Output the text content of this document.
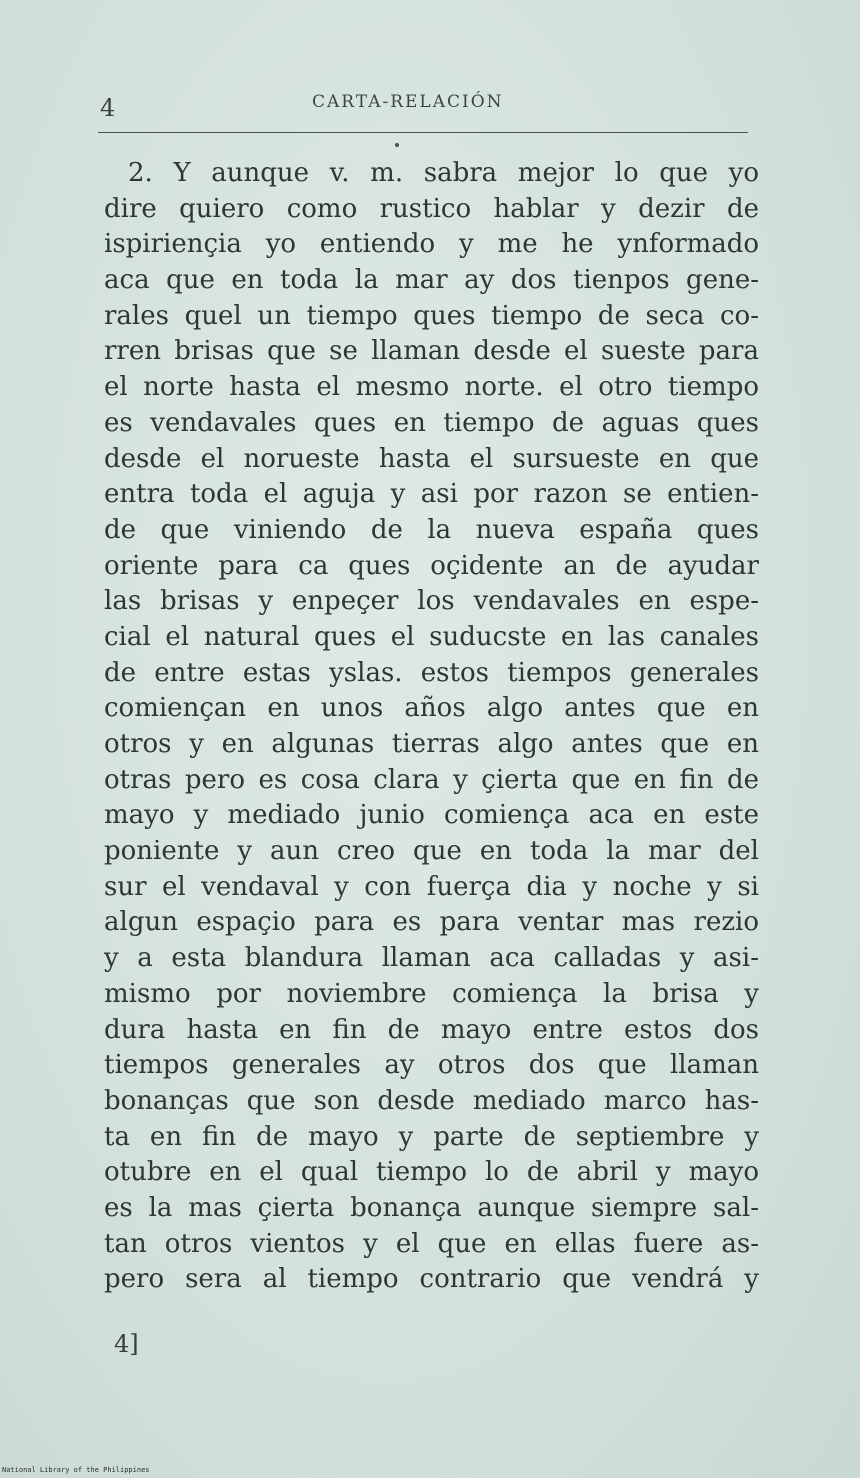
4	CARTA-RELACIÓN
2. Y aunque v. m. sabra mejor lo que yo
dire quiero como rustico hablar y dezir de
ispiriençia yo entiendo y me he ynformado
aca que en toda la mar ay dos tienpos gene-
rales quel un tiempo ques tiempo de seca co-
rren brisas que se llaman desde el sueste para
el norte hasta el mesmo norte. el otro tiempo
es vendavales ques en tiempo de aguas ques
desde el norueste hasta el sursueste en que
entra toda el aguja y asi por razon se entien-
de que viniendo de la nueva españa ques
oriente para ca ques oçidente an de ayudar
las brisas y enpeçer los vendavales en espe-
cial el natural ques el suducste en las canales
de entre estas yslas. estos tiempos generales
comiençan en unos años algo antes que en
otros y en algunas tierras algo antes que en
otras pero es cosa clara y çierta que en fin de
mayo y mediado junio comiença aca en este
poniente y aun creo que en toda la mar del
sur el vendaval y con fuerça dia y noche y si
algun espaçio para es para ventar mas rezio
y a esta blandura llaman aca calladas y asi-
mismo por noviembre comiença la brisa y
dura hasta en fin de mayo entre estos dos
tiempos generales ay otros dos que llaman
bonanças que son desde mediado marco has-
ta en fin de mayo y parte de septiembre y
otubre en el qual tiempo lo de abril y mayo
es la mas çierta bonança aunque siempre sal-
tan otros vientos y el que en ellas fuere as-
pero sera al tiempo contrario que vendrá y
4]
National Library of the Philippines
